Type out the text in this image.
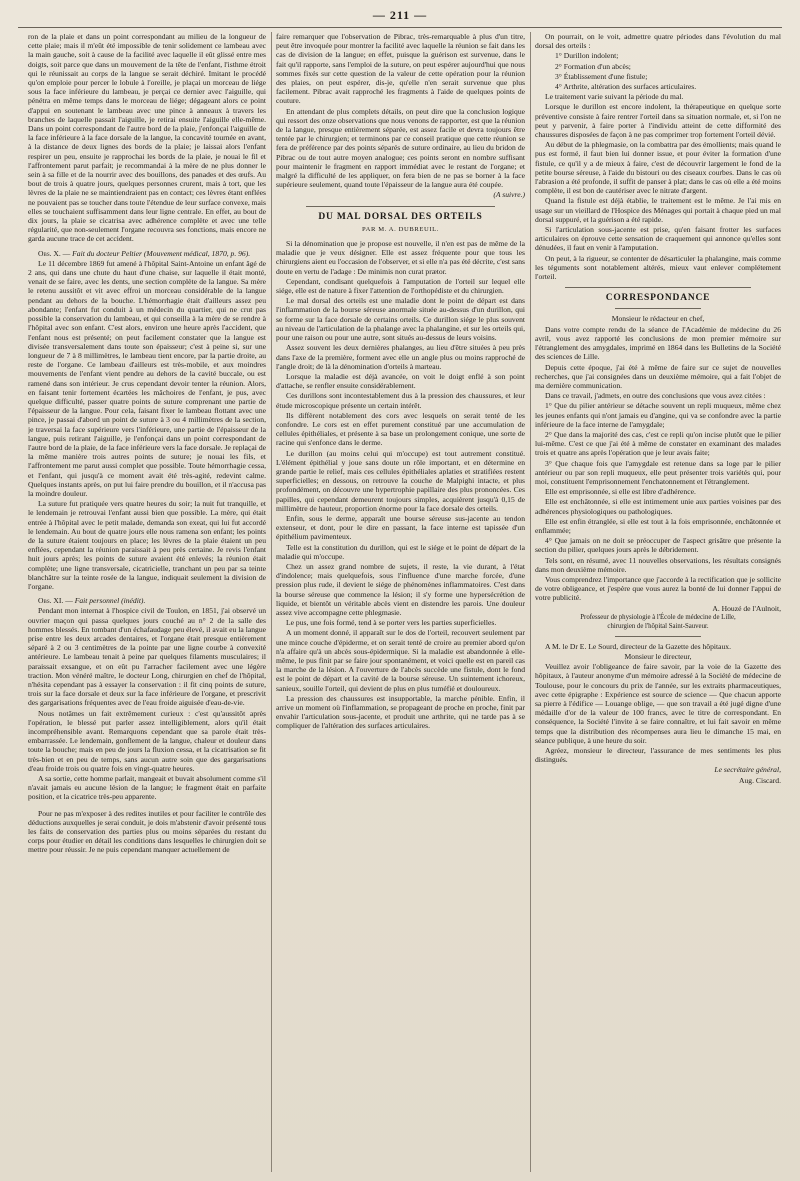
— 211 —

ron de la plaie et dans un point correspondant au milieu de la longueur de cette plaie; mais il m'eût été impossible de tenir solidement ce lambeau avec la main gauche, soit à cause de la facilité avec laquelle il eût glissé entre mes doigts, soit parce que dans un mouvement de la tête de l'enfant, l'isthme étroit qui le réunissait au corps de la langue se serait déchiré. Imitant le procédé qu'on emploie pour percer le lobule à l'oreille, je plaçai un morceau de liége sous la face inférieure du lambeau, je perçai ce dernier avec l'aiguille, qui pénétra en même temps dans le morceau de liége; dégageant alors ce point d'appui en soutenant le lambeau avec une pince à anneaux à travers les branches de laquelle passait l'aiguille, je retirai ensuite l'aiguille elle-même. Dans un point correspondant de l'autre bord de la plaie, j'enfonçai l'aiguille de la face inférieure à la face dorsale de la langue, la concavité tournée en avant, à la distance de deux lignes des bords de la plaie; je laissai alors l'enfant respirer un peu, ensuite je rapprochai les bords de la plaie, je nouai le fil et l'affrontement parut parfait; je recommandai à la mère de ne plus donner le sein à sa fille et de la nourrir avec des bouillons, des panades et des œufs. Au bout de trois à quatre jours, quelques personnes crurent, mais à tort, que les lèvres de la plaie ne se maintiendraient pas en contact; ces lèvres étant enflées ne pouvaient pas se toucher dans toute l'étendue de leur surface convexe, mais elles se touchaient suffisamment dans leur ligne centrale. En effet, au bout de dix jours, la plaie se cicatrisa avec adhérence complète et avec une telle régularité, que non-seulement l'organe recouvra ses fonctions, mais encore ne garda aucune trace de cet accident.

Obs. X. — Fait du docteur Peltier (Mouvement médical, 1870, p. 96).

Le 11 décembre 1869 fut amené à l'hôpital Saint-Antoine un enfant âgé de 2 ans, qui dans une chute du haut d'une chaise, sur laquelle il était monté, venait de se faire, avec les dents, une section complète de la langue. Sa mère le retenu aussitôt et vit avec effroi un morceau considérable de la langue pendant au dehors de la bouche. L'hémorrhagie était d'ailleurs assez peu abondante; l'enfant fut conduit à un médecin du quartier, qui ne crut pas possible la conservation du lambeau, et qui conseilla à la mère de se rendre à l'hôpital avec son enfant. C'est alors, environ une heure après l'accident, que l'enfant nous est présenté; on peut facilement constater que la langue est divisée transversalement dans toute son épaisseur; c'est à peine si, sur une longueur de 7 à 8 millimètres, le lambeau tient encore, par la partie droite, au reste de l'organe. Ce lambeau d'ailleurs est très-mobile, et aux moindres mouvements de l'enfant vient pendre au dehors de la cavité buccale, ou est ramené dans son intérieur. Je crus cependant devoir tenter la réunion. Alors, en faisant tenir fortement écartées les mâchoires de l'enfant, je pus, avec quelque difficulté, passer quatre points de suture comprenant une partie de l'épaisseur de la langue. Pour cela, faisant fixer le lambeau flottant avec une pince, je passai d'abord un point de suture à 3 ou 4 millimètres de la section, je traversai la face supérieure vers l'inférieure, une partie de l'épaisseur de la langue, puis retirant l'aiguille, je l'enfonçai dans un point correspondant de l'autre bord de la plaie, de la face inférieure vers la face dorsale. Je replaçai de la même manière trois autres points de suture; je nouai les fils, et l'affrontement me parut aussi complet que possible. Toute hémorrhagie cessa, et l'enfant, qui jusqu'à ce moment avait été très-agité, redevint calme. Quelques instants après, on put lui faire prendre du bouillon, et il n'accusa pas la moindre douleur.

La suture fut pratiquée vers quatre heures du soir; la nuit fut tranquille, et le lendemain je retrouvai l'enfant aussi bien que possible. La mère, qui était entrée à l'hôpital avec le petit malade, demanda son exeat, qui lui fut accordé le lendemain. Au bout de quatre jours elle nous ramena son enfant; les points de la suture étaient toujours en place; les lèvres de la plaie étaient un peu enflées, cependant la réunion paraissait à peu près certaine. Je revis l'enfant huit jours après; les points de suture avaient été enlevés; la réunion était complète; une ligne transversale, cicatricielle, tranchant un peu par sa teinte blanchâtre sur la teinte rosée de la langue, indiquait seulement la division de l'organe.

Obs. XI. — Fait personnel (inédit).

Pendant mon internat à l'hospice civil de Toulon, en 1851, j'ai observé un ouvrier maçon qui passa quelques jours couché au n° 2 de la salle des hommes blessés. En tombant d'un échafaudage peu élevé, il avait eu la langue prise entre les deux arcades dentaires, et l'organe était presque entièrement séparé à 2 ou 3 centimètres de la pointe par une ligne courbe à convexité antérieure. Le lambeau tenait à peine par quelques filaments musculaires; il paraissait exsangue, et on eût pu l'arracher facilement avec une légère traction. Mon vénéré maître, le docteur Long, chirurgien en chef de l'hôpital, n'hésita cependant pas à essayer la conservation : il fit cinq points de suture, trois sur la face dorsale et deux sur la face inférieure de l'organe, et prescrivit des gargarisations fréquentes avec de l'eau froide aiguisée d'eau-de-vie.

Nous notâmes un fait extrêmement curieux : c'est qu'aussitôt après l'opération, le blessé put parler assez intelligiblement, alors qu'il était incompréhensible avant. Remarquons cependant que sa parole était très-embarrassée. Le lendemain, gonflement de la langue, chaleur et douleur dans toute la bouche; mais en peu de jours la fluxion cessa, et la cicatrisation se fit très-bien et en peu de temps, sans aucun autre soin que des gargarisations d'eau froide trois ou quatre fois en vingt-quatre heures.

A sa sortie, cette homme parlait, mangeait et buvait absolument comme s'il n'avait jamais eu aucune lésion de la langue; le fragment était en parfaite position, et la cicatrice très-peu apparente.

Pour ne pas m'exposer à des redites inutiles et pour faciliter le contrôle des déductions auxquelles je serai conduit, je dois m'abstenir d'avoir présenté tous les faits de conservation des parties plus ou moins séparées du restant du corps pour étudier en détail les conditions dans lesquelles le chirurgien doit se mettre pour réussir. Je ne puis cependant manquer actuellement de

faire remarquer que l'observation de Pibrac, très-remarquable à plus d'un titre, peut être invoquée pour montrer la facilité avec laquelle la réunion se fait dans les cas de division de la langue; en effet, puisque la guérison est survenue, dans le fait qu'il rapporte, sans l'emploi de la suture, on peut espérer aujourd'hui que nous sommes fixés sur cette question de la valeur de cette opération pour la réunion des plaies, on peut espérer, dis-je, qu'elle n'en serait survenue que plus facilement. Pibrac avait rapproché les fragments à l'aide de quelques points de couture.

En attendant de plus complets détails, on peut dire que la conclusion logique qui ressort des onze observations que nous venons de rapporter, est que la réunion de la langue, presque entièrement séparée, est assez facile et devra toujours être tentée par le chirurgien; et terminons par ce conseil pratique que cette réunion se fera de préférence par des points séparés de suture ordinaire, au lieu du bridon de Pibrac ou de tout autre moyen analogue; ces points seront en nombre suffisant pour maintenir le fragment en rapport immédiat avec le restant de l'organe; et malgré la difficulté de les appliquer, on fera bien de ne pas se borner à la face supérieure seulement, quand toute l'épaisseur de la langue aura été coupée.

(A suivre.)

DU MAL DORSAL DES ORTEILS

PAR M. A. DUBREUIL.

Si la dénomination que je propose est nouvelle, il n'en est pas de même de la maladie que je veux désigner. Elle est assez fréquente pour que tous les chirurgiens aient eu l'occasion de l'observer, et si elle n'a pas été décrite, c'est sans doute en vertu de l'adage : De minimis non curat prætor.

Cependant, condisant quelquefois à l'amputation de l'orteil sur lequel elle siége, elle est de nature à fixer l'attention de l'orthopédiste et du chirurgien.

Le mal dorsal des orteils est une maladie dont le point de départ est dans l'inflammation de la bourse séreuse anormale située au-dessus d'un durillon, qui se forme sur la face dorsale de certains orteils. Ce durillon siége le plus souvent au niveau de l'articulation de la phalange avec la phalangine, et sur les orteils qui, pour une raison ou pour une autre, sont situés au-dessus de leurs voisins.

Assez souvent les deux dernières phalanges, au lieu d'être situées à peu près dans l'axe de la première, forment avec elle un angle plus ou moins rapproché de l'angle droit; de là la dénomination d'orteils à marteau.

Lorsque la maladie est déjà avancée, on voit le doigt enflé à son point d'attache, se renfler ensuite considérablement.

Ces durillons sont incontestablement dus à la pression des chaussures, et leur étude microscopique présente un certain intérêt.

Ils diffèrent notablement des cors avec lesquels on serait tenté de les confondre. Le cors est en effet purement constitué par une accumulation de cellules épithéliales, et présente à sa base un prolongement conique, une sorte de racine qui s'enfonce dans le derme.

Le durillon (au moins celui qui m'occupe) est tout autrement constitué. L'élément épithélial y joue sans doute un rôle important, et en détermine en grande partie le relief, mais ces cellules épithéliales aplaties et stratifiées restent superficielles; en dessous, on retrouve la couche de Malpighi intacte, et plus profondément, on découvre une hypertrophie papillaire des plus prononcées. Ces papilles, qui cependant demeurent toujours simples, acquièrent jusqu'à 0,15 de millimètre de hauteur, proportion énorme pour la face dorsale des orteils.

Enfin, sous le derme, apparaît une bourse séreuse sus-jacente au tendon extenseur, et dont, pour le dire en passant, la face interne est tapissée d'un épithélium pavimenteux.

Telle est la constitution du durillon, qui est le siége et le point de départ de la maladie qui m'occupe.

Chez un assez grand nombre de sujets, il reste, la vie durant, à l'état d'indolence; mais quelquefois, sous l'influence d'une marche forcée, d'une pression plus rude, il devient le siége de phénomènes inflammatoires. C'est dans la bourse séreuse que commence la lésion; il s'y forme une hypersécrétion de liquide, et bientôt un véritable abcès vient en distendre les parois. Une douleur assez vive accompagne cette phlegmasie.

Le pus, une fois formé, tend à se porter vers les parties superficielles.

A un moment donné, il apparaît sur le dos de l'orteil, recouvert seulement par une mince couche d'épiderme, et on serait tenté de croire au premier abord qu'on n'a affaire qu'à un abcès sous-épidermique. Si la maladie est abandonnée à elle-même, le pus finit par se faire jour spontanément, et voici quelle est en pareil cas la marche de la lésion. A l'ouverture de l'abcès succède une fistule, dont le fond est le point de départ et la cavité de la bourse séreuse. Un suintement ichoreux, sanieux, souille l'orteil, qui devient de plus en plus tuméfié et douloureux.

La pression des chaussures est insupportable, la marche pénible. Enfin, il arrive un moment où l'inflammation, se propageant de proche en proche, finit par envahir l'articulation sous-jacente, et produit une arthrite, qui ne tarde pas à se compliquer de l'altération des surfaces articulaires.

On pourrait, on le voit, admettre quatre périodes dans l'évolution du mal dorsal des orteils :

1° Durillon indolent;

2° Formation d'un abcès;

3° Établissement d'une fistule;

4° Arthrite, altération des surfaces articulaires.

Le traitement varie suivant la période du mal.

Lorsque le durillon est encore indolent, la thérapeutique en quelque sorte préventive consiste à faire rentrer l'orteil dans sa situation normale, et, si l'on ne peut y parvenir, à faire porter à l'individu atteint de cette difformité des chaussures disposées de façon à ne pas comprimer trop fortement l'orteil dévié.

Au début de la phlegmasie, on la combattra par des émollients; mais quand le pus est formé, il faut bien lui donner issue, et pour éviter la formation d'une fistule, ce qu'il y a de mieux à faire, c'est de découvrir largement le fond de la petite bourse séreuse, à l'aide du bistouri ou des ciseaux courbes. Dans le cas où l'abrasion a été profonde, il suffit de panser à plat; dans le cas où elle a été moins complète, il est bon de cautériser avec le nitrate d'argent.

Quand la fistule est déjà établie, le traitement est le même. Je l'ai mis en usage sur un vieillard de l'Hospice des Ménages qui portait à chaque pied un mal dorsal suppuré, et la guérison a été rapide.

Si l'articulation sous-jacente est prise, qu'en faisant frotter les surfaces articulaires on éprouve cette sensation de craquement qui annonce qu'elles sont dénudées, il faut en venir à l'amputation.

On peut, à la rigueur, se contenter de désarticuler la phalangine, mais comme les téguments sont notablement altérés, mieux vaut enlever complétement l'orteil.

CORRESPONDANCE

Monsieur le rédacteur en chef,

Dans votre compte rendu de la séance de l'Académie de médecine du 26 avril, vous avez rapporté les conclusions de mon premier mémoire sur l'étranglement des amygdales, imprimé en 1864 dans les Bulletins de la Société des sciences de Lille.

Depuis cette époque, j'ai été à même de faire sur ce sujet de nouvelles recherches, que j'ai consignées dans un deuxième mémoire, qui a fait l'objet de ma dernière communication.

Dans ce travail, j'admets, en outre des conclusions que vous avez citées :

1° Que du pilier antérieur se détache souvent un repli muqueux, même chez les jeunes enfants qui n'ont jamais eu d'angine, qui va se confondre avec la partie inférieure de la face interne de l'amygdale;

2° Que dans la majorité des cas, c'est ce repli qu'on incise plutôt que le pilier lui-même. C'est ce que j'ai été à même de constater en examinant des malades trois et quatre ans après l'opération que je leur avais faite;

3° Que chaque fois que l'amygdale est retenue dans sa loge par le pilier antérieur ou par son repli muqueux, elle peut présenter trois variétés qui, pour moi, constituent l'emprisonnement l'enchatonnement et l'étranglement.

Elle est emprisonnée, si elle est libre d'adhérence.

Elle est enchâtonnée, si elle est intimement unie aux parties voisines par des adhérences physiologiques ou pathologiques.

Elle est enfin étranglée, si elle est tout à la fois emprisonnée, enchâtonnée et enflammée;

4° Que jamais on ne doit se préoccuper de l'aspect grisâtre que présente la section du pilier, quelques jours après le débridement.

Tels sont, en résumé, avec 11 nouvelles observations, les résultats consignés dans mon deuxième mémoire.

Vous comprendrez l'importance que j'accorde à la rectification que je sollicite de votre obligeance, et j'espère que vous aurez la bonté de lui donner l'appui de votre publicité.

A. Houzé de l'Aulnoit,

Professeur de physiologie à l'École de médecine de Lille,

chirurgien de l'hôpital Saint-Sauveur.

A M. le Dr E. Le Sourd, directeur de la Gazette des hôpitaux.

Monsieur le directeur,

Veuillez avoir l'obligeance de faire savoir, par la voie de la Gazette des hôpitaux, à l'auteur anonyme d'un mémoire adressé à la Société de médecine de Toulouse, pour le concours du prix de l'année, sur les extraits pharmaceutiques, avec cette épigraphe : Expérience est source de science — Que chacun apporte sa pierre à l'édifice — Louange oblige, — que son travail a été jugé digne d'une médaille d'or de la valeur de 100 francs, avec le titre de correspondant. En conséquence, la Société l'invite à se faire connaître, et lui fait savoir en même temps que la distribution des récompenses aura lieu le dimanche 15 mai, en séance publique, à une heure du soir.

Agréez, monsieur le directeur, l'assurance de mes sentiments les plus distingués.

Le secrétaire général,

Aug. Ciscard.
